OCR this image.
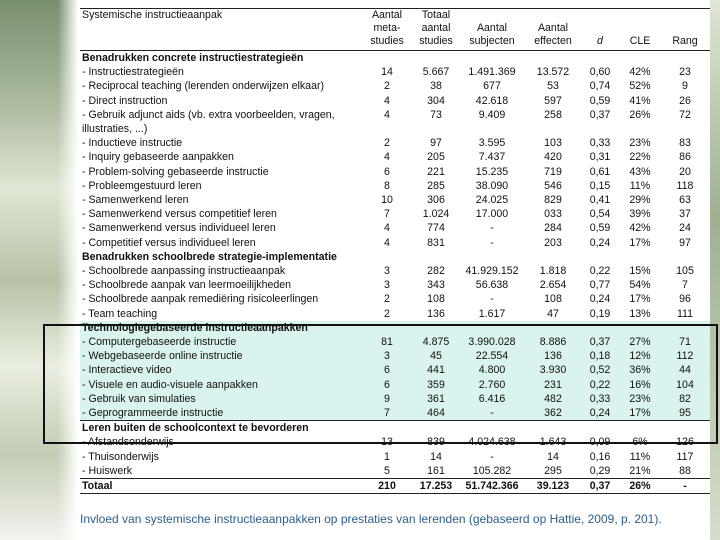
Systemische instructieaanpak	Aantal meta-studies	Totaal aantal studies	Aantal subjecten	Aantal effecten	d	CLE	Rang
Benadrukken concrete instructiestrategieën							
- Instructiestrategieën	14	5.667	1.491.369	13.572	0,60	42%	23
- Reciprocal teaching (lerenden onderwijzen elkaar)	2	38	677	53	0,74	52%	9
- Direct instruction	4	304	42.618	597	0,59	41%	26
- Gebruik adjunct aids (vb. extra voorbeelden, vragen, illustraties, ...)	4	73	9.409	258	0,37	26%	72
- Inductieve instructie	2	97	3.595	103	0,33	23%	83
- Inquiry gebaseerde aanpakken	4	205	7.437	420	0,31	22%	86
- Problem-solving gebaseerde instructie	6	221	15.235	719	0,61	43%	20
- Probleemgestuurd leren	8	285	38.090	546	0,15	11%	118
- Samenwerkend leren	10	306	24.025	829	0,41	29%	63
- Samenwerkend versus competitief leren	7	1.024	17.000	033	0,54	39%	37
- Samenwerkend versus individueel leren	4	774	-	284	0,59	42%	24
- Competitief versus individueel leren	4	831	-	203	0,24	17%	97
Benadrukken schoolbrede strategie-implementatie							
- Schoolbrede aanpassing instructieaanpak	3	282	41.929.152	1.818	0,22	15%	105
- Schoolbrede aanpak van leermoeilijkheden	3	343	56.638	2.654	0,77	54%	7
- Schoolbrede aanpak remediëring risicoleerlingen	2	108	-	108	0,24	17%	96
- Team teaching	2	136	1.617	47	0,19	13%	111
Technologiegebaseerde instructieaanpakken							
- Computergebaseerde instructie	81	4.875	3.990.028	8.886	0,37	27%	71
- Webgebaseerde online instructie	3	45	22.554	136	0,18	12%	112
- Interactieve video	6	441	4.800	3.930	0,52	36%	44
- Visuele en audio-visuele aanpakken	6	359	2.760	231	0,22	16%	104
- Gebruik van simulaties	9	361	6.416	482	0,33	23%	82
- Geprogrammeerde instructie	7	464	-	362	0,24	17%	95
Leren buiten de schoolcontext te bevorderen							
- Afstandsonderwijs	13	839	4.024.638	1.643	0,09	6%	126
- Thuisonderwijs	1	14	-	14	0,16	11%	117
- Huiswerk	5	161	105.282	295	0,29	21%	88
Totaal	210	17.253	51.742.366	39.123	0,37	26%	-
Invloed van systemische instructieaanpakken op prestaties van lerenden (gebaseerd op Hattie, 2009, p. 201).
